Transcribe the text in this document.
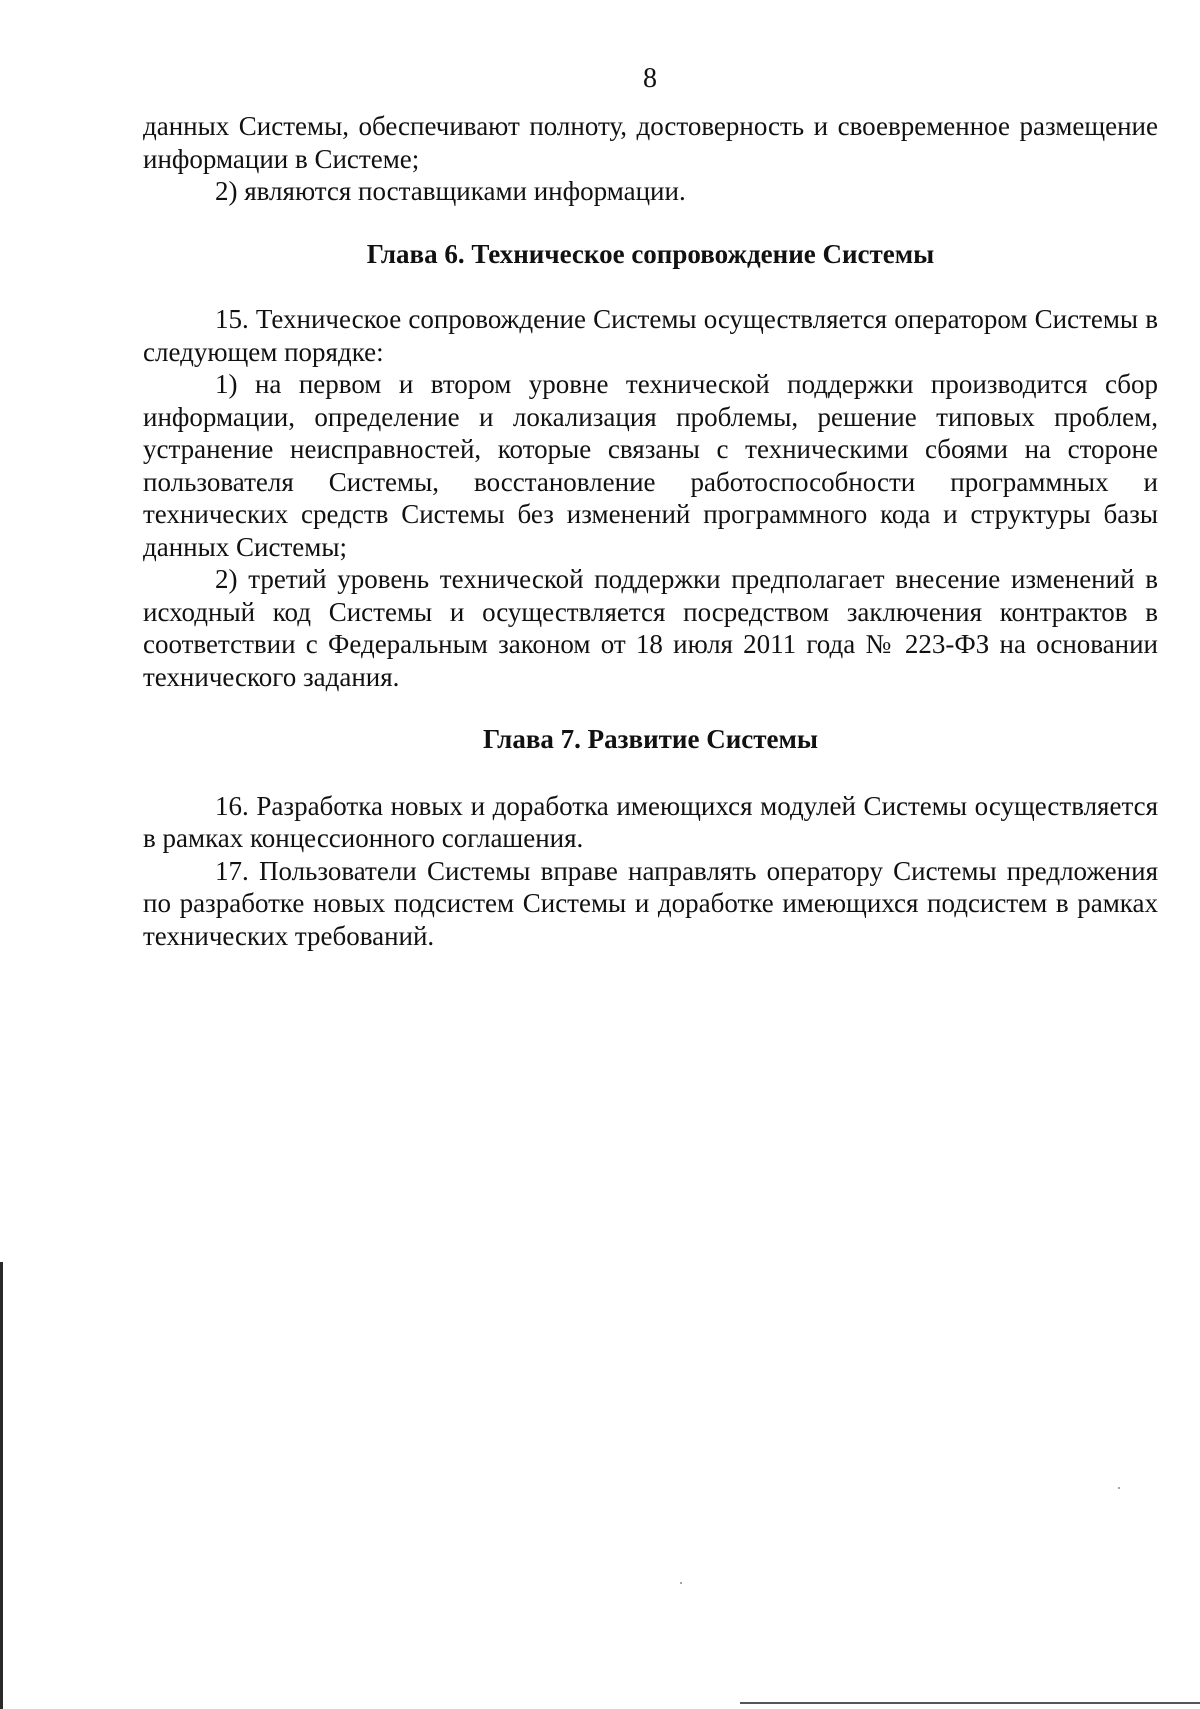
8

данных Системы, обеспечивают полноту, достоверность и своевременное размещение информации в Системе;

2) являются поставщиками информации.

Глава 6. Техническое сопровождение Системы

15. Техническое сопровождение Системы осуществляется оператором Системы в следующем порядке:

1) на первом и втором уровне технической поддержки производится сбор информации, определение и локализация проблемы, решение типовых проблем, устранение неисправностей, которые связаны с техническими сбоями на стороне пользователя Системы, восстановление работоспособности программных и технических средств Системы без изменений программного кода и структуры базы данных Системы;

2) третий уровень технической поддержки предполагает внесение изменений в исходный код Системы и осуществляется посредством заключения контрактов в соответствии с Федеральным законом от 18 июля 2011 года № 223-ФЗ на основании технического задания.

Глава 7. Развитие Системы

16. Разработка новых и доработка имеющихся модулей Системы осуществляется в рамках концессионного соглашения.

17. Пользователи Системы вправе направлять оператору Системы предложения по разработке новых подсистем Системы и доработке имеющихся подсистем в рамках технических требований.
